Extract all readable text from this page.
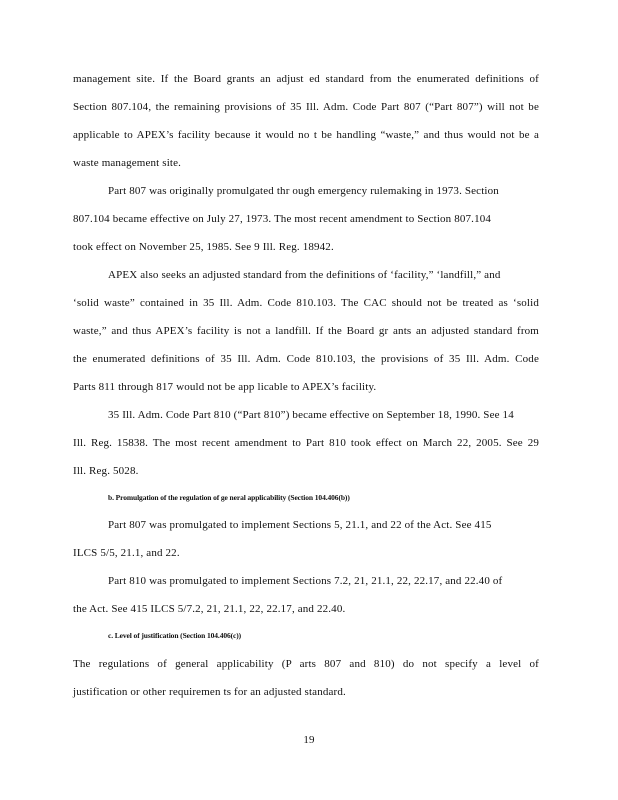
management site. If the Board grants an adjust ed standard from the enumerated definitions of
Section 807.104, the remaining provisions of 35 Ill. Adm. Code Part 807 (“Part 807”) will not be
applicable to APEX’s facility because it would no t be handling “waste,” and thus would not be a
waste management site.
Part 807 was originally promulgated thr ough emergency rulemaking in 1973. Section
807.104 became effective on July 27, 1973. The most recent amendment to Section 807.104
took effect on November 25, 1985. See 9 Ill. Reg. 18942.
APEX also seeks an adjusted standard from the definitions of ‘facility,” ‘landfill,” and
‘solid waste” contained in 35 Ill. Adm. Code 810.103. The CAC should not be treated as ‘solid
waste,” and thus APEX’s facility is not a landfill. If the Board gr ants an adjusted standard from
the enumerated definitions of 35 Ill. Adm. Code 810.103, the provisions of 35 Ill. Adm. Code
Parts 811 through 817 would not be app licable to APEX’s facility.
35 Ill. Adm. Code Part 810 (“Part 810”) became effective on September 18, 1990. See 14
Ill. Reg. 15838. The most recent amendment to Part 810 took effect on March 22, 2005. See 29
Ill. Reg. 5028.
b. Promulgation of the regulation of ge neral applicability (Section 104.406(b))
Part 807 was promulgated to implement Sections 5, 21.1, and 22 of the Act. See 415
ILCS 5/5, 21.1, and 22.
Part 810 was promulgated to implement Sections 7.2, 21, 21.1, 22, 22.17, and 22.40 of
the Act. See 415 ILCS 5/7.2, 21, 21.1, 22, 22.17, and 22.40.
c. Level of justification (Section 104.406(c))
The regulations of general applicability (P arts 807 and 810) do not specify a level of
justification or other requiremen ts for an adjusted standard.
19
